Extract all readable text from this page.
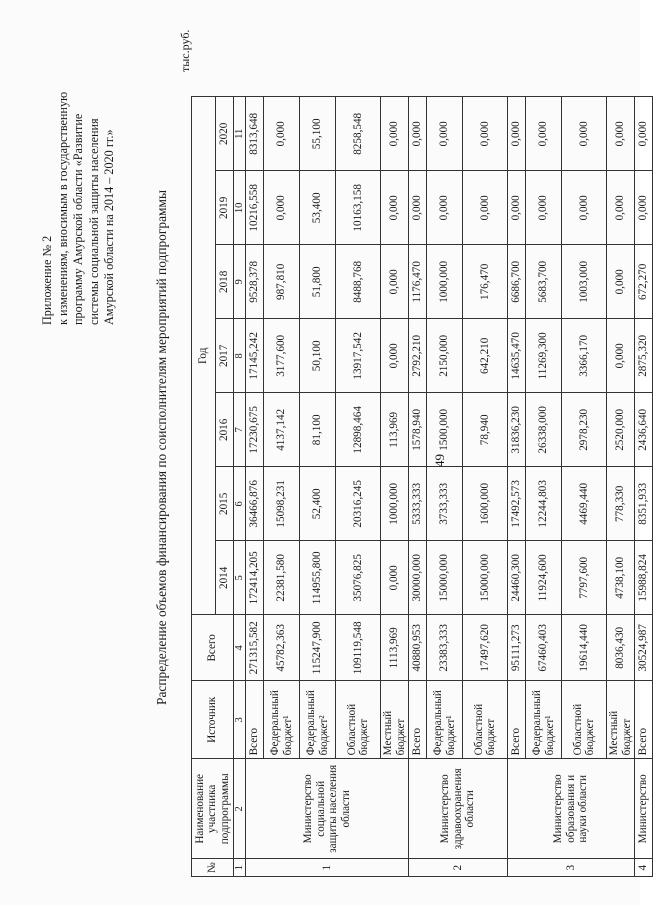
49
Приложение № 2 к изменениям, вносимым в государственную программу Амурской области «Развитие системы социальной защиты населения Амурской области на 2014 – 2020 гг.»	Распределение объемов финансирования по соисполнителям мероприятий подпрограммы
тыс.руб.
№	Наименование участника подпрограммы	Источник	Всего	Год						
				2014	2015	2016	2017	2018	2019	2020
1	2	3	4	5	6	7	8	9	10	11
1	Министерство социальной защиты населения области	Всего	271315,582	172414,205	36466,876	17230,675	17145,242	9528,378	10216,558	8313,648
		Федеральный бюджет¹	45782,363	22381,580	15098,231	4137,142	3177,600	987,810	0,000	0,000
		Федеральный бюджет²	115247,900	114955,800	52,400	81,100	50,100	51,800	53,400	55,100
		Областной бюджет	109119,548	35076,825	20316,245	12898,464	13917,542	8488,768	10163,158	8258,548
		Местный бюджет	1113,969	0,000	1000,000	113,969	0,000	0,000	0,000	0,000
2	Министерство здравоохранения области	Всего	40880,953	30000,000	5333,333	1578,940	2792,210	1176,470	0,000	0,000
		Федеральный бюджет¹	23383,333	15000,000	3733,333	1500,000	2150,000	1000,000	0,000	0,000
		Областной бюджет	17497,620	15000,000	1600,000	78,940	642,210	176,470	0,000	0,000
3	Министерство образования и науки области	Всего	95111,273	24460,300	17492,573	31836,230	14635,470	6686,700	0,000	0,000
		Федеральный бюджет¹	67460,403	11924,600	12244,803	26338,000	11269,300	5683,700	0,000	0,000
		Областной бюджет	19614,440	7797,600	4469,440	2978,230	3366,170	1003,000	0,000	0,000
		Местный бюджет	8036,430	4738,100	778,330	2520,000	0,000	0,000	0,000	0,000
4	Министерство	Всего	30524,987	15988,824	8351,933	2436,640	2875,320	672,270	0,000	0,000
